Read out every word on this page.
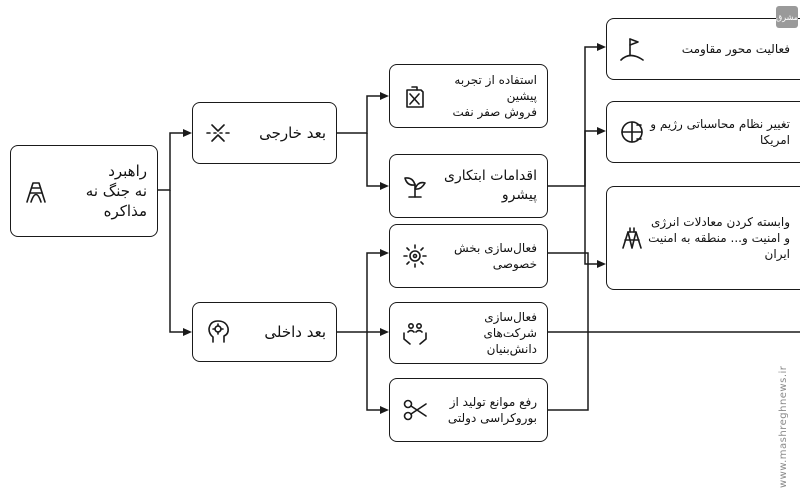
راهبرد
نه جنگ نه
مذاکره
بعد خارجی
بعد داخلی
استفاده از تجربه پیشین
فروش صفر نفت
اقدامات ابتکاری
پیشرو
فعالیت محور مقاومت
تغییر نظام محاسباتی رژیم و
امریکا
وابسته کردن معادلات انرژی
و امنیت و... منطقه به امنیت
ایران
فعال‌سازی بخش
خصوصی
فعال‌سازی شرکت‌های
دانش‌بنیان
رفع موانع تولید از
بوروکراسی دولتی
مشرق
www.mashreghnews.ir
